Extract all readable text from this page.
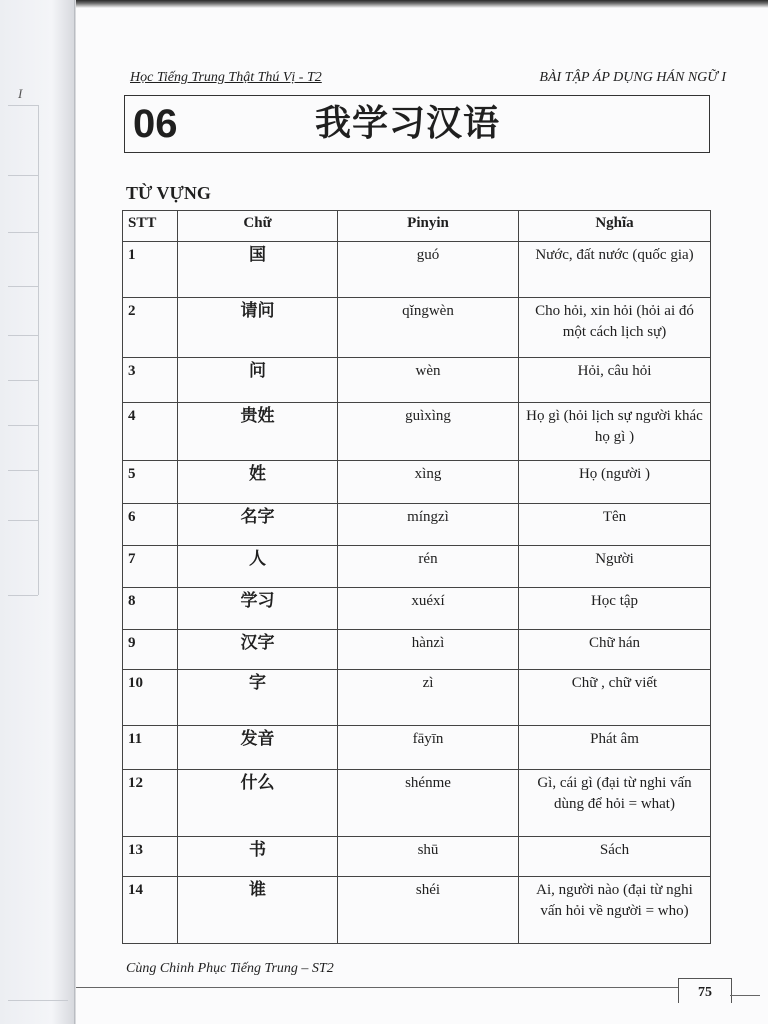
I
Học Tiếng Trung Thật Thú Vị - T2	BÀI TẬP ÁP DỤNG HÁN NGỮ I
06	我学习汉语
TỪ VỰNG
STT	Chữ	Pinyin	Nghĩa
1	国	guó	Nước, đất nước (quốc gia)
2	请问	qǐngwèn	Cho hỏi, xin hỏi (hỏi ai đó một cách lịch sự)
3	问	wèn	Hỏi, câu hỏi
4	贵姓	guìxìng	Họ gì (hỏi lịch sự người khác họ gì )
5	姓	xìng	Họ (người )
6	名字	míngzì	Tên
7	人	rén	Người
8	学习	xuéxí	Học tập
9	汉字	hànzì	Chữ hán
10	字	zì	Chữ , chữ viết
11	发音	fāyīn	Phát âm
12	什么	shénme	Gì, cái gì (đại từ nghi vấn dùng để hỏi = what)
13	书	shū	Sách
14	谁	shéi	Ai, người nào (đại từ nghi vấn hỏi về người = who)
Cùng Chinh Phục Tiếng Trung – ST2
75
